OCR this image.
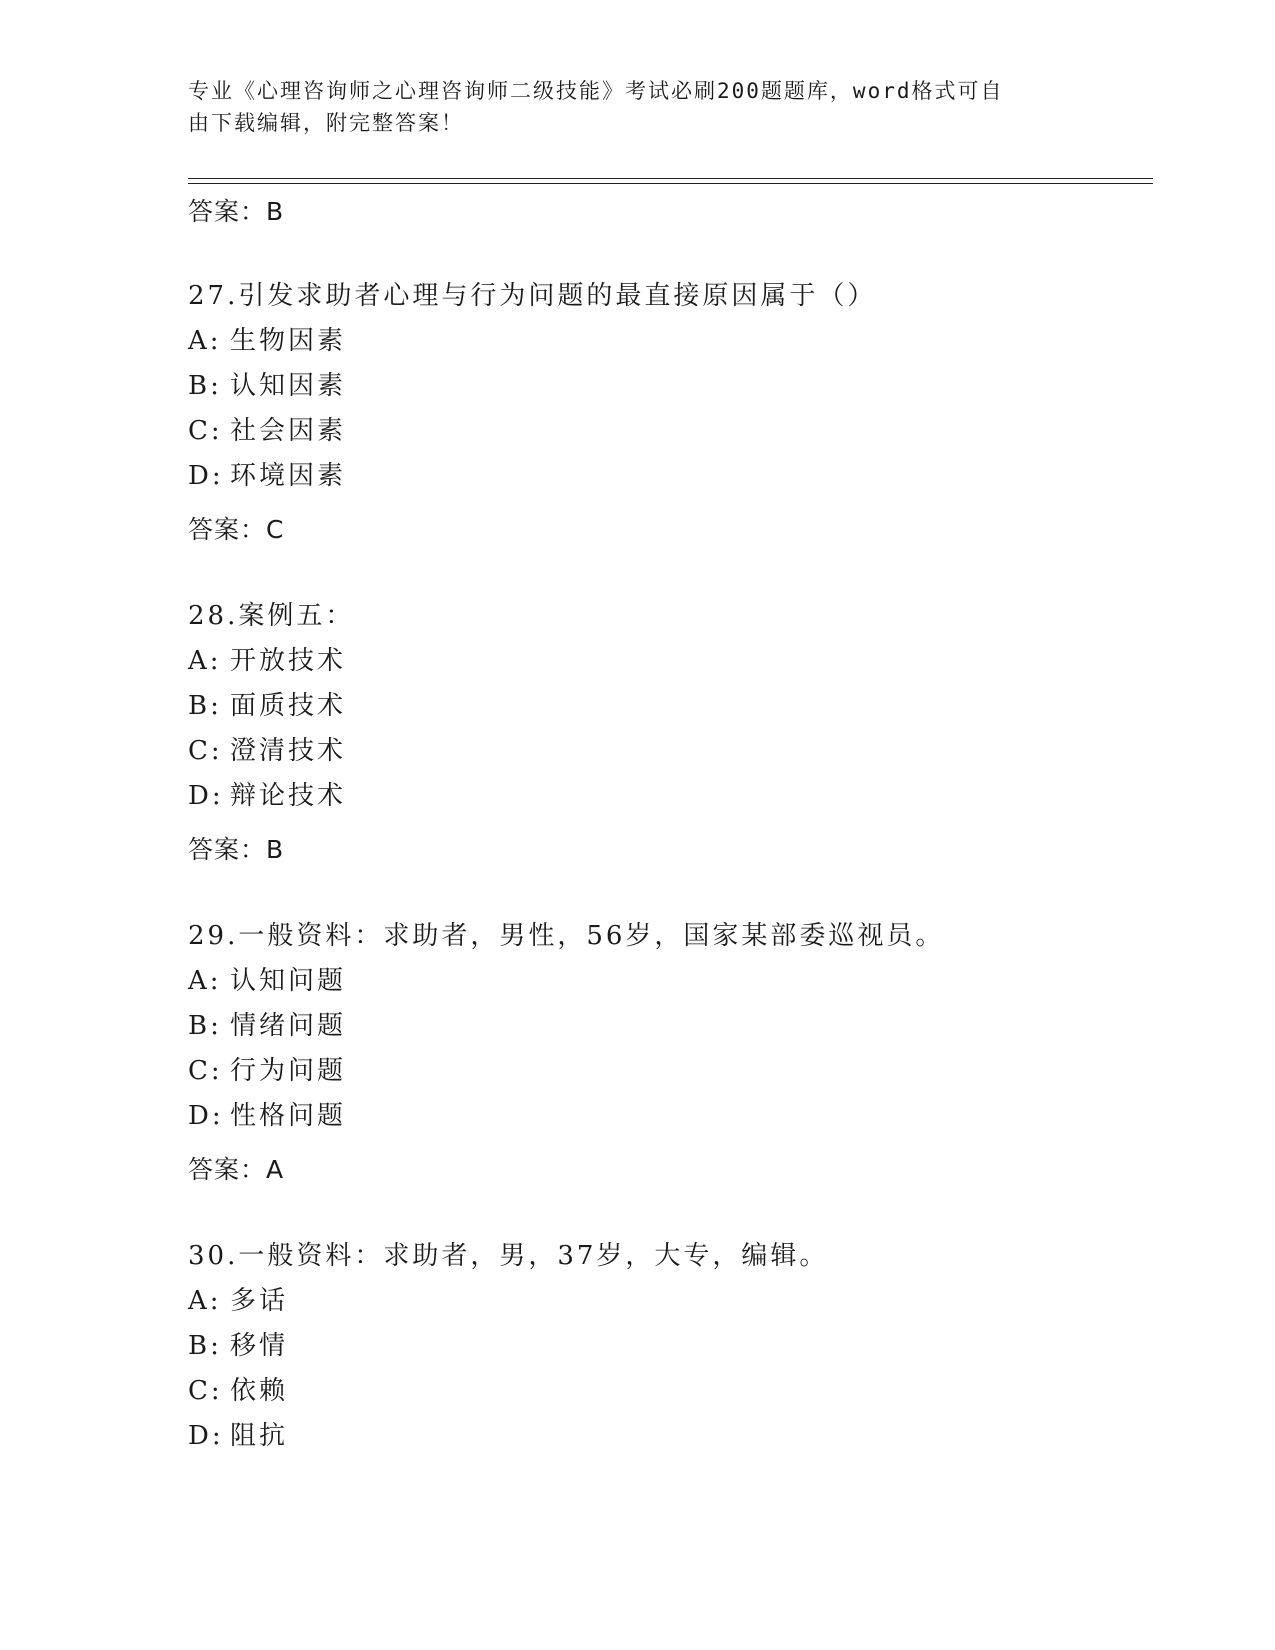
专业《心理咨询师之心理咨询师二级技能》考试必刷200题题库，word格式可自
由下载编辑，附完整答案！
答案：B
27.引发求助者心理与行为问题的最直接原因属于（）
A: 生物因素
B: 认知因素
C: 社会因素
D: 环境因素
答案：C
28.案例五：
A: 开放技术
B: 面质技术
C: 澄清技术
D: 辩论技术
答案：B
29.一般资料：求助者，男性，56岁，国家某部委巡视员。
A: 认知问题
B: 情绪问题
C: 行为问题
D: 性格问题
答案：A
30.一般资料：求助者，男，37岁，大专，编辑。
A: 多话
B: 移情
C: 依赖
D: 阻抗
